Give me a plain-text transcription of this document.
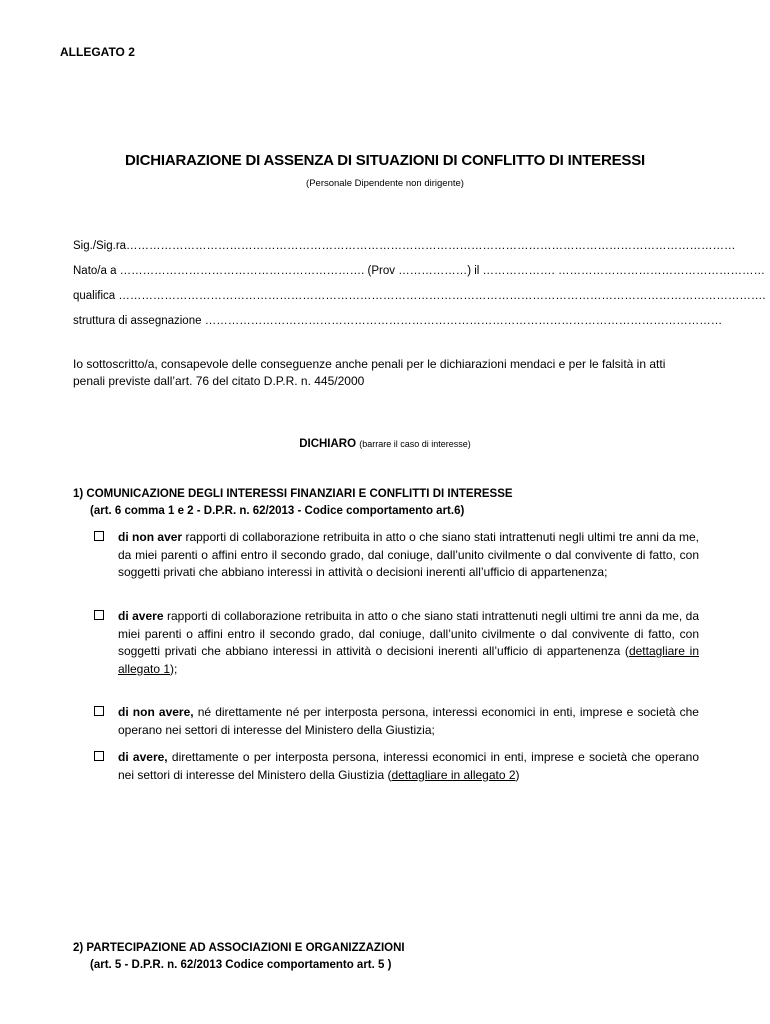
ALLEGATO 2
DICHIARAZIONE DI ASSENZA DI SITUAZIONI DI CONFLITTO DI INTERESSI
(Personale Dipendente non dirigente)
Sig./Sig.ra……………………………………………………………………………………………………………………………………………
Nato/a a ………………………………………………………. (Prov ………………) il ………………. ………………………………………………
qualifica …………………………………………………………………………………………………………………………………………………….
struttura di assegnazione ………………………………………………………………………………………………………………………
Io sottoscritto/a, consapevole delle conseguenze anche penali per le dichiarazioni mendaci e per le falsità in atti penali previste dall’art. 76 del citato D.P.R. n. 445/2000
DICHIARO (barrare il caso di interesse)
1) COMUNICAZIONE DEGLI INTERESSI FINANZIARI E CONFLITTI DI INTERESSE
(art. 6 comma 1 e 2 - D.P.R. n. 62/2013 - Codice comportamento art.6)
di non aver rapporti di collaborazione retribuita in atto o che siano stati intrattenuti negli ultimi tre anni da me, da miei parenti o affini entro il secondo grado, dal coniuge, dall’unito civilmente o dal convivente di fatto, con soggetti privati che abbiano interessi in attività o decisioni inerenti all’ufficio di appartenenza;
di avere rapporti di collaborazione retribuita in atto o che siano stati intrattenuti negli ultimi tre anni da me, da miei parenti o affini entro il secondo grado, dal coniuge, dall’unito civilmente o dal convivente di fatto, con soggetti privati che abbiano interessi in attività o decisioni inerenti all’ufficio di appartenenza (dettagliare in allegato 1);
di non avere, né direttamente né per interposta persona, interessi economici in enti, imprese e società che operano nei settori di interesse del Ministero della Giustizia;
di avere, direttamente o per interposta persona, interessi economici in enti, imprese e società che operano nei settori di interesse del Ministero della Giustizia (dettagliare in allegato 2)
2) PARTECIPAZIONE AD ASSOCIAZIONI E ORGANIZZAZIONI
(art. 5 - D.P.R. n. 62/2013 Codice comportamento art. 5 )
